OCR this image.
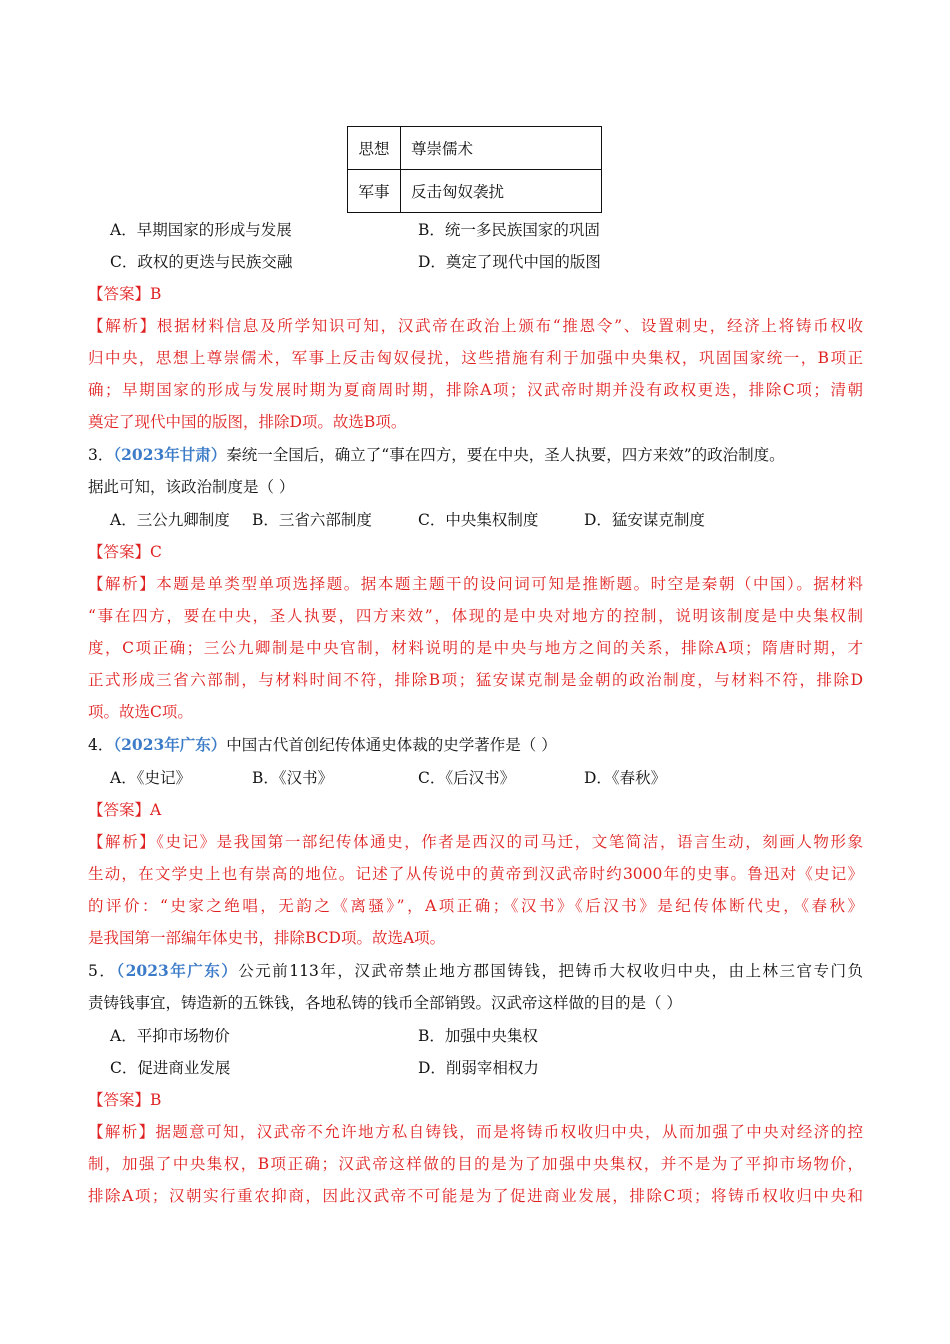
思想	尊崇儒术
军事	反击匈奴袭扰
A．早期国家的形成与发展	B．统一多民族国家的巩固
C．政权的更迭与民族交融	D．奠定了现代中国的版图
【答案】B
【解析】根据材料信息及所学知识可知，汉武帝在政治上颁布“推恩令”、设置刺史，经济上将铸币权收
归中央，思想上尊崇儒术，军事上反击匈奴侵扰，这些措施有利于加强中央集权，巩固国家统一，B项正
确；早期国家的形成与发展时期为夏商周时期，排除A项；汉武帝时期并没有政权更迭，排除C项；清朝
奠定了现代中国的版图，排除D项。故选B项。
3．（2023年甘肃）秦统一全国后，确立了“事在四方，要在中央，圣人执要，四方来效”的政治制度。
据此可知，该政治制度是（ ）
A．三公九卿制度 B．三省六部制度	C．中央集权制度	D．猛安谋克制度
【答案】C
【解析】本题是单类型单项选择题。据本题主题干的设问词可知是推断题。时空是秦朝（中国）。据材料
“事在四方，要在中央，圣人执要，四方来效”，体现的是中央对地方的控制，说明该制度是中央集权制
度，C项正确；三公九卿制是中央官制，材料说明的是中央与地方之间的关系，排除A项；隋唐时期，才
正式形成三省六部制，与材料时间不符，排除B项；猛安谋克制是金朝的政治制度，与材料不符，排除D
项。故选C项。
4．（2023年广东）中国古代首创纪传体通史体裁的史学著作是（ ）
A．《史记》	B．《汉书》	C．《后汉书》	D．《春秋》
【答案】A
【解析】《史记》是我国第一部纪传体通史，作者是西汉的司马迁，文笔简洁，语言生动，刻画人物形象
生动，在文学史上也有崇高的地位。记述了从传说中的黄帝到汉武帝时约3000年的史事。鲁迅对《史记》
的评价：“史家之绝唱，无韵之《离骚》”，A项正确；《汉书》《后汉书》是纪传体断代史，《春秋》
是我国第一部编年体史书，排除BCD项。故选A项。
5．（2023年广东）公元前113年，汉武帝禁止地方郡国铸钱，把铸币大权收归中央，由上林三官专门负
责铸钱事宜，铸造新的五铢钱，各地私铸的钱币全部销毁。汉武帝这样做的目的是（ ）
A．平抑市场物价	B．加强中央集权
C．促进商业发展	D．削弱宰相权力
【答案】B
【解析】据题意可知，汉武帝不允许地方私自铸钱，而是将铸币权收归中央，从而加强了中央对经济的控
制，加强了中央集权，B项正确；汉武帝这样做的目的是为了加强中央集权，并不是为了平抑市场物价，
排除A项；汉朝实行重农抑商，因此汉武帝不可能是为了促进商业发展，排除C项；将铸币权收归中央和
